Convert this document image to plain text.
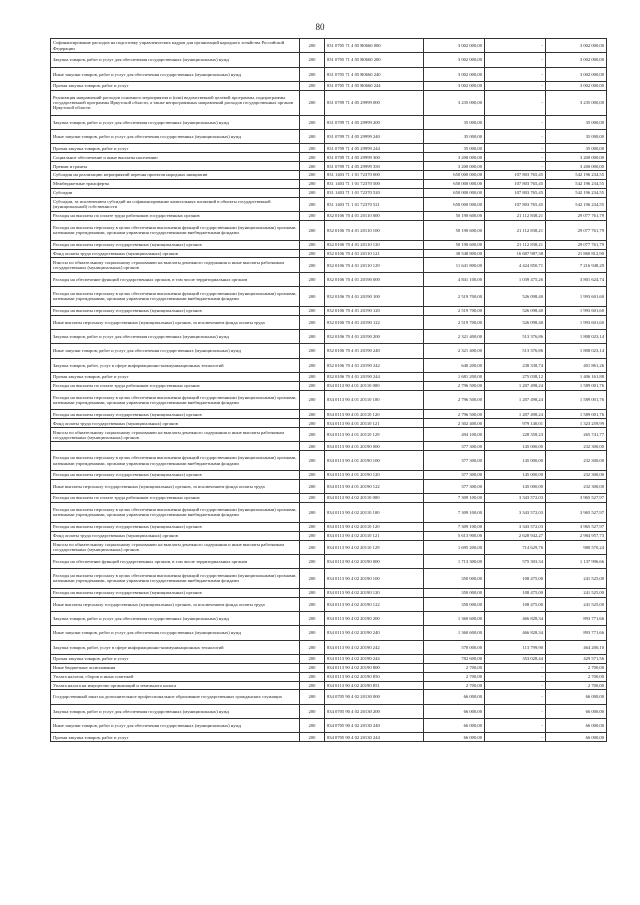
80
Софинансирование расходов на подготовку управленческих кадров для организаций народного хозяйства Российской Федерации	200	831 0705 71 4 05 R0660 000	3 002 000,00	-	3 002 000,00
Закупка товаров, работ и услуг для обеспечения государственных (муниципальных) нужд	200	831 0705 71 4 05 R0660 200	3 002 000,00	-	3 002 000,00
Иные закупки товаров, работ и услуг для обеспечения государственных (муниципальных) нужд	200	831 0705 71 4 05 R0660 240	3 002 000,00	-	3 002 000,00
Прочая закупка товаров, работ и услуг	200	831 0705 71 4 05 R0660 244	3 002 000,00	-	3 002 000,00
Реализация направлений расходов основного мероприятия и (или) ведомственной целевой программы, подпрограммы государственной программы Иркутской области, а также непрограммных направлений расходов государственных органов Иркутской области	200	831 0709 71 4 05 29999 000	3 235 000,00	-	3 235 000,00
Закупка товаров, работ и услуг для обеспечения государственных (муниципальных) нужд	200	831 0709 71 4 05 29999 200	35 000,00	-	35 000,00
Иные закупки товаров, работ и услуг для обеспечения государственных (муниципальных) нужд	200	831 0709 71 4 05 29999 240	35 000,00	-	35 000,00
Прочая закупка товаров, работ и услуг	200	831 0709 71 4 05 29999 244	35 000,00	-	35 000,00
Социальное обеспечение и иные выплаты населению	200	831 0709 71 4 05 29999 300	3 200 000,00	-	3 200 000,00
Премии и гранты	200	831 0709 71 4 05 29999 350	3 200 000,00	-	3 200 000,00
Субсидии на реализацию мероприятий перечня проектов народных инициатив	200	831 1403 71 1 01 72370 000	650 000 000,00	107 803 765,45	542 196 234,55
Межбюджетные трансферты	200	831 1403 71 1 01 72370 500	650 000 000,00	107 803 765,45	542 196 234,55
Субсидии	200	831 1403 71 1 01 72370 520	650 000 000,00	107 803 765,45	542 196 234,55
Субсидии, за исключением субсидий на софинансирование капитальных вложений в объекты государственной (муниципальной) собственности	200	831 1403 71 1 01 72370 521	650 000 000,00	107 803 765,45	542 196 234,55
Расходы на выплаты по оплате труда работников государственных органов	200	832 0106 70 4 01 20110 000	50 190 600,00	21 112 838,21	29 077 761,79
Расходы на выплаты персоналу в целях обеспечения выполнения функций государственными (муниципальными) органами, казенными учреждениями, органами управления государственными внебюджетными фондами	200	832 0106 70 4 01 20110 100	50 190 600,00	21 112 838,21	29 077 761,79
Расходы на выплаты персоналу государственных (муниципальных) органов	200	832 0106 70 4 01 20110 120	50 190 600,00	21 112 838,21	29 077 761,79
Фонд оплаты труда государственных (муниципальных) органов	200	832 0106 70 4 01 20110 121	38 548 800,00	16 687 987,38	21 860 812,90
Взносы по обязательному социальному страхованию на выплаты денежного содержания и иные выплаты работникам государственных (муниципальных) органов	200	832 0106 70 4 01 20110 129	11 641 800,00	4 424 850,71	7 216 948,29
Расходы на обеспечение функций государственных органов, в том числе территориальных органов	200	832 0106 70 4 01 20190 000	4 841 100,00	1 039 475,26	3 801 624,74
Расходы на выплаты персоналу в целях обеспечения выполнения функций государственными (муниципальными) органами, казенными учреждениями, органами управления государственными внебюджетными фондами	200	832 0106 70 4 01 20190 100	2 519 700,00	526 098,40	1 993 601,60
Расходы на выплаты персоналу государственных (муниципальных) органов	200	832 0106 70 4 01 20190 120	2 519 700,00	526 098,40	1 993 601,60
Иные выплаты персоналу государственных (муниципальных) органов, за исключением фонда оплаты труда	200	832 0106 70 4 01 20190 122	2 519 700,00	526 098,40	1 993 601,60
Закупка товаров, работ и услуг для обеспечения государственных (муниципальных) нужд	200	832 0106 70 4 01 20190 200	2 321 400,00	513 376,86	1 808 023,14
Иные закупки товаров, работ и услуг для обеспечения государственных (муниципальных) нужд	200	832 0106 70 4 01 20190 240	2 321 400,00	513 376,86	1 808 023,14
Закупка товаров, работ, услуг в сфере информационно-коммуникационных технологий	200	832 0106 70 4 01 20190 242	640 200,00	238 338,74	401 861,26
Прочая закупка товаров, работ и услуг	200	832 0106 70 4 01 20190 244	1 681 200,00	275 038,12	1 406 161,88
Расходы на выплаты по оплате труда работников государственных органов	200	834 0113 90 4 01 20110 000	2 796 500,00	1 207 498,24	1 589 001,76
Расходы на выплаты персоналу в целях обеспечения выполнения функций государственными (муниципальными) органами, казенными учреждениями, органами управления государственными внебюджетными фондами	200	834 0113 90 4 01 20110 100	2 796 500,00	1 207 498,24	1 589 001,76
Расходы на выплаты персоналу государственных (муниципальных) органов	200	834 0113 90 4 01 20110 120	2 796 500,00	1 207 498,24	1 589 001,76
Фонд оплаты труда государственных (муниципальных) органов	200	834 0113 90 4 01 20110 121	2 302 400,00	979 140,01	1 323 259,99
Взносы по обязательному социальному страхованию на выплаты денежного содержания и иные выплаты работникам государственных (муниципальных) органов	200	834 0113 90 4 01 20110 129	494 100,00	228 358,23	265 741,77
	200	834 0113 90 4 01 20190 000	377 300,00	145 000,00	232 300,00
Расходы на выплаты персоналу в целях обеспечения выполнения функций государственными (муниципальными) органами, казенными учреждениями, органами управления государственными внебюджетными фондами	200	834 0113 90 4 01 20190 100	377 300,00	145 000,00	232 300,00
Расходы на выплаты персоналу государственных (муниципальных) органов	200	834 0113 90 4 01 20190 120	377 300,00	145 000,00	232 300,00
Иные выплаты персоналу государственных (муниципальных) органов, за исключением фонда оплаты труда	200	834 0113 90 4 01 20190 122	377 300,00	145 000,00	232 300,00
Расходы на выплаты по оплате труда работников государственных органов	200	834 0113 90 4 02 20110 000	7 309 100,00	3 343 572,03	3 965 527,97
Расходы на выплаты персоналу в целях обеспечения выполнения функций государственными (муниципальными) органами, казенными учреждениями, органами управления государственными внебюджетными фондами	200	834 0113 90 4 02 20110 100	7 309 100,00	3 343 572,03	3 965 527,97
Расходы на выплаты персоналу государственных (муниципальных) органов	200	834 0113 90 4 02 20110 120	7 309 100,00	3 343 572,03	3 965 527,97
Фонд оплаты труда государственных (муниципальных) органов	200	834 0113 90 4 02 20110 121	5 613 900,00	2 628 942,27	2 984 957,73
Взносы по обязательному социальному страхованию на выплаты денежного содержания и иные выплаты работникам государственных (муниципальных) органов	200	834 0113 90 4 02 20110 129	1 695 200,00	714 629,76	980 570,24
Расходы на обеспечение функций государственных органов, в том числе территориальных органов	200	834 0113 90 4 02 20190 000	1 713 300,00	575 303,34	1 137 996,66
Расходы на выплаты персоналу в целях обеспечения выполнения функций государственными (муниципальными) органами, казенными учреждениями, органами управления государственными внебюджетными фондами	200	834 0113 90 4 02 20190 100	350 000,00	108 475,00	241 525,00
Расходы на выплаты персоналу государственных (муниципальных) органов	200	834 0113 90 4 02 20190 120	350 000,00	108 475,00	241 525,00
Иные выплаты персоналу государственных (муниципальных) органов, за исключением фонда оплаты труда	200	834 0113 90 4 02 20190 122	350 000,00	108 475,00	241 525,00
Закупка товаров, работ и услуг для обеспечения государственных (муниципальных) нужд	200	834 0113 90 4 02 20190 200	1 360 600,00	466 828,34	893 771,66
Иные закупки товаров, работ и услуг для обеспечения государственных (муниципальных) нужд	200	834 0113 90 4 02 20190 240	1 360 600,00	466 828,34	893 771,66
Закупка товаров, работ, услуг в сфере информационно-коммуникационных технологий	200	834 0113 90 4 02 20190 242	578 000,00	113 799,90	464 200,10
Прочая закупка товаров, работ и услуг	200	834 0113 90 4 02 20190 244	782 600,00	353 028,44	429 571,56
Иные бюджетные ассигнования	200	834 0113 90 4 02 20190 800	2 700,00	-	2 700,00
Уплата налогов, сборов и иных платежей	200	834 0113 90 4 02 20190 850	2 700,00	-	2 700,00
Уплата налога на имущество организаций и земельного налога	200	834 0113 90 4 02 20190 851	2 700,00	-	2 700,00
Государственный заказ на дополнительное профессиональное образование государственных гражданских служащих	200	834 0705 90 4 02 20130 000	66 000,00	-	66 000,00
Закупка товаров, работ и услуг для обеспечения государственных (муниципальных) нужд	200	834 0705 90 4 02 20130 200	66 000,00	-	66 000,00
Иные закупки товаров, работ и услуг для обеспечения государственных (муниципальных) нужд	200	834 0705 90 4 02 20130 240	66 000,00	-	66 000,00
Прочая закупка товаров, работ и услуг	200	834 0705 90 4 02 20130 244	66 000,00	-	66 000,00
